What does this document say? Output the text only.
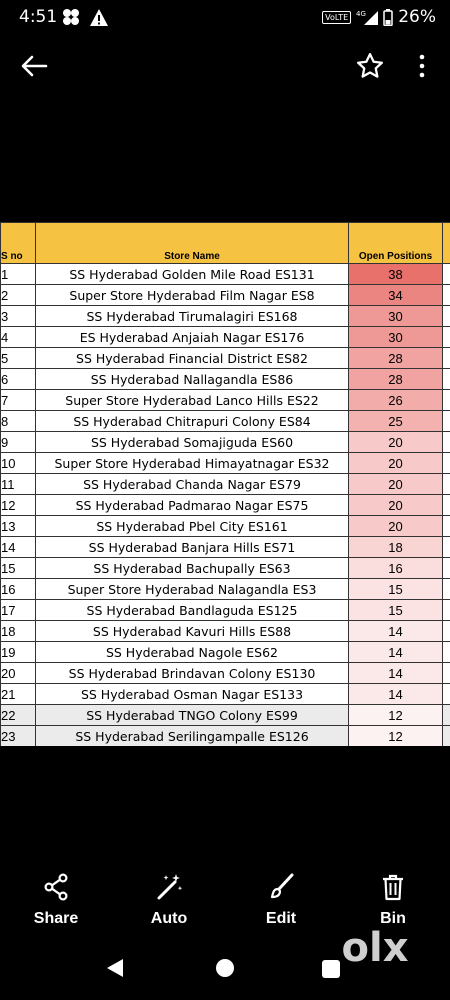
4:51	VoLTE	4G 26%
S no	Store Name	Open Positions	
1	SS Hyderabad Golden Mile Road ES131	38	
2	Super Store Hyderabad Film Nagar ES8	34	
3	SS Hyderabad Tirumalagiri ES168	30	
4	ES Hyderabad Anjaiah Nagar ES176	30	
5	SS Hyderabad Financial District ES82	28	
6	SS Hyderabad Nallagandla ES86	28	
7	Super Store Hyderabad Lanco Hills ES22	26	
8	SS Hyderabad Chitrapuri Colony ES84	25	
9	SS Hyderabad Somajiguda ES60	20	
10	Super Store Hyderabad Himayatnagar ES32	20	
11	SS Hyderabad Chanda Nagar ES79	20	
12	SS Hyderabad Padmarao Nagar ES75	20	
13	SS Hyderabad Pbel City ES161	20	
14	SS Hyderabad Banjara Hills ES71	18	
15	SS Hyderabad Bachupally ES63	16	
16	Super Store Hyderabad Nalagandla ES3	15	
17	SS Hyderabad Bandlaguda ES125	15	
18	SS Hyderabad Kavuri Hills ES88	14	
19	SS Hyderabad Nagole ES62	14	
20	SS Hyderabad Brindavan Colony ES130	14	
21	SS Hyderabad Osman Nagar ES133	14	
22	SS Hyderabad TNGO Colony ES99	12	
23	SS Hyderabad Serilingampalle ES126	12	
Share	Auto	Edit	Bin
olx
